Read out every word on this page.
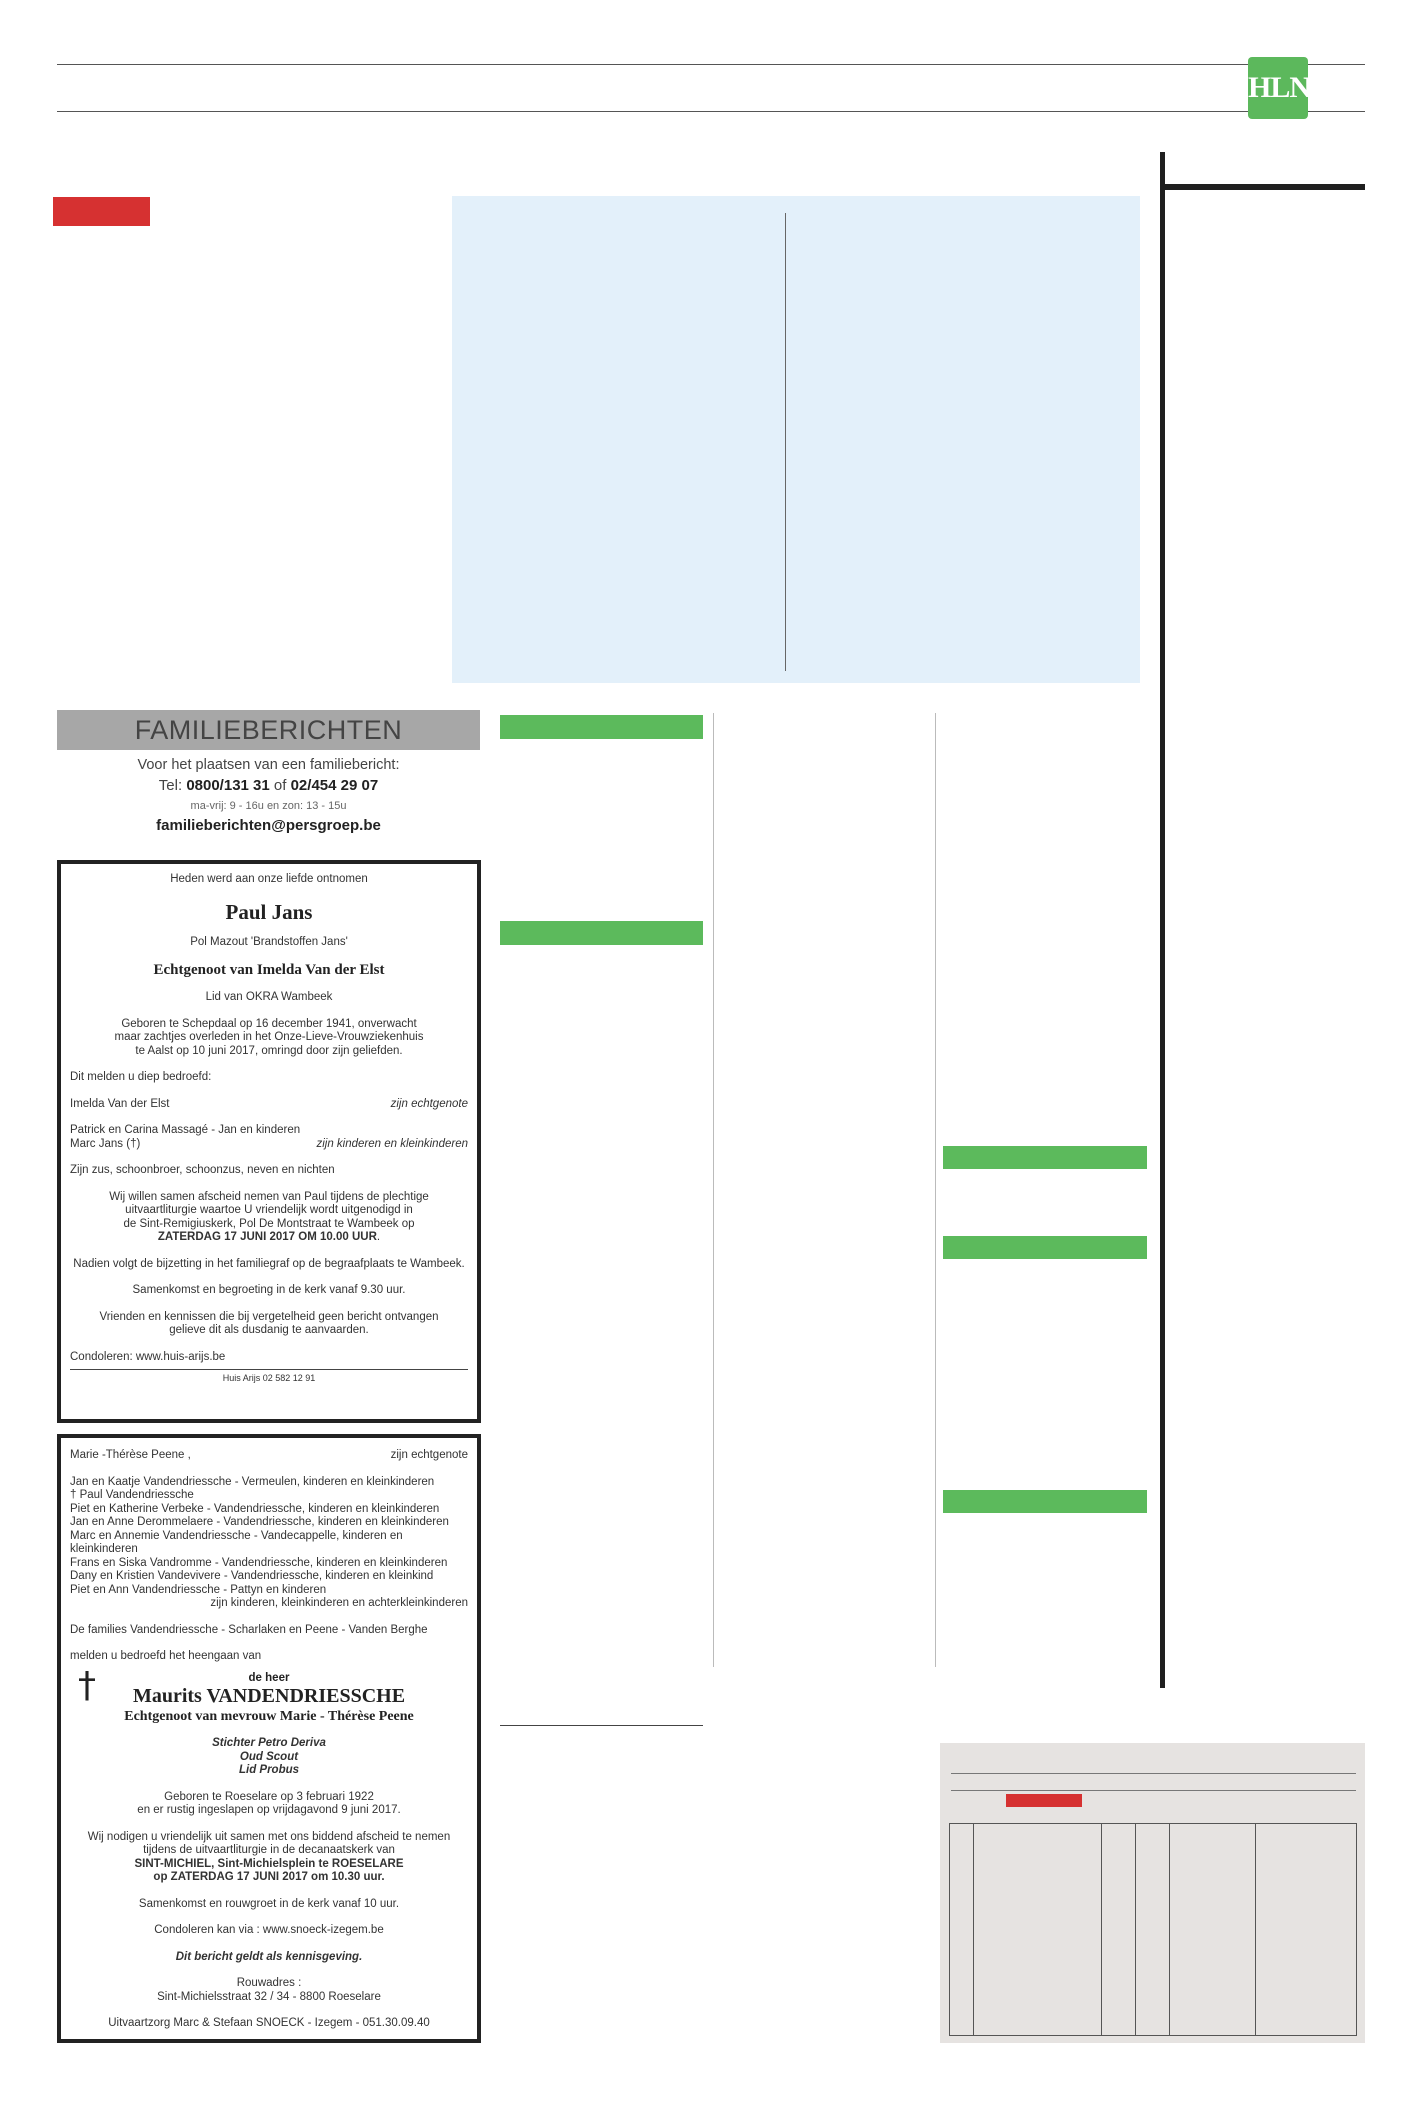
HLN
FAMILIEBERICHTEN
Voor het plaatsen van een familiebericht:
Tel: 0800/131 31 of 02/454 29 07
ma-vrij: 9 - 16u en zon: 13 - 15u
familieberichten@persgroep.be
Heden werd aan onze liefde ontnomen
Paul Jans
Pol Mazout 'Brandstoffen Jans'
Echtgenoot van Imelda Van der Elst
Lid van OKRA Wambeek
Geboren te Schepdaal op 16 december 1941, onverwacht
maar zachtjes overleden in het Onze-Lieve-Vrouwziekenhuis
te Aalst op 10 juni 2017, omringd door zijn geliefden.
Dit melden u diep bedroefd:
Imelda Van der Elst	zijn echtgenote
Patrick en Carina Massagé - Jan en kinderen
Marc Jans (†)	zijn kinderen en kleinkinderen
Zijn zus, schoonbroer, schoonzus, neven en nichten
Wij willen samen afscheid nemen van Paul tijdens de plechtige
uitvaartliturgie waartoe U vriendelijk wordt uitgenodigd in
de Sint-Remigiuskerk, Pol De Montstraat te Wambeek op
ZATERDAG 17 JUNI 2017 OM 10.00 UUR.
Nadien volgt de bijzetting in het familiegraf op de begraafplaats te Wambeek.
Samenkomst en begroeting in de kerk vanaf 9.30 uur.
Vrienden en kennissen die bij vergetelheid geen bericht ontvangen
gelieve dit als dusdanig te aanvaarden.
Condoleren: www.huis-arijs.be
Huis Arijs 02 582 12 91
Marie -Thérèse Peene ,	zijn echtgenote
Jan en Kaatje Vandendriessche - Vermeulen, kinderen en kleinkinderen
† Paul Vandendriessche
Piet en Katherine Verbeke - Vandendriessche, kinderen en kleinkinderen
Jan en Anne Derommelaere - Vandendriessche, kinderen en kleinkinderen
Marc en Annemie Vandendriessche - Vandecappelle, kinderen en kleinkinderen
Frans en Siska Vandromme - Vandendriessche, kinderen en kleinkinderen
Dany en Kristien Vandevivere - Vandendriessche, kinderen en kleinkind
Piet en Ann Vandendriessche - Pattyn en kinderen
zijn kinderen, kleinkinderen en achterkleinkinderen
De families Vandendriessche - Scharlaken en Peene - Vanden Berghe
melden u bedroefd het heengaan van
†	de heer
Maurits VANDENDRIESSCHE
Echtgenoot van mevrouw Marie - Thérèse Peene
Stichter Petro Deriva
Oud Scout
Lid Probus
Geboren te Roeselare op 3 februari 1922
en er rustig ingeslapen op vrijdagavond 9 juni 2017.
Wij nodigen u vriendelijk uit samen met ons biddend afscheid te nemen
tijdens de uitvaartliturgie in de decanaatskerk van
SINT-MICHIEL, Sint-Michielsplein te ROESELARE
op ZATERDAG 17 JUNI 2017 om 10.30 uur.
Samenkomst en rouwgroet in de kerk vanaf 10 uur.
Condoleren kan via : www.snoeck-izegem.be
Dit bericht geldt als kennisgeving.
Rouwadres :
Sint-Michielsstraat 32 / 34 - 8800 Roeselare
Uitvaartzorg Marc & Stefaan SNOECK - Izegem - 051.30.09.40
